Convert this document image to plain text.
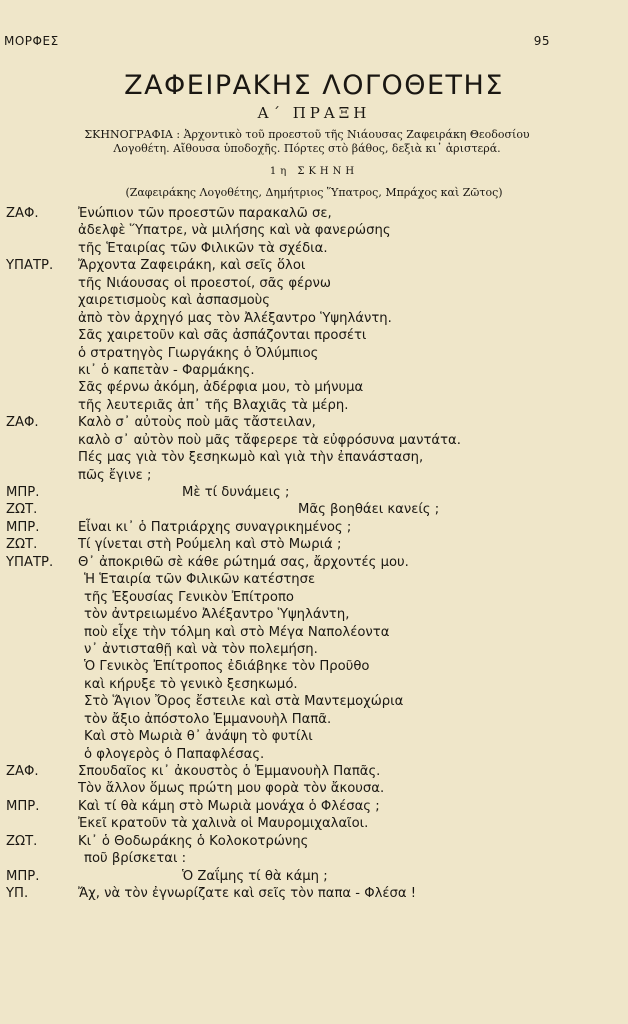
ΜΟΡΦΕΣ	95
ΖΑΦΕΙΡΑΚΗΣ ΛΟΓΟΘΕΤΗΣ
Α΄ ΠΡΑΞΗ
ΣΚΗΝΟΓΡΑΦΙΑ : Ἀρχοντικὸ τοῦ προεστοῦ τῆς Νιάουσας Ζαφειράκη Θεοδοσίου
Λογοθέτη. Αἴθουσα ὑποδοχῆς. Πόρτες στὸ βάθος, δεξιὰ κι᾽ ἀριστερά.
1η ΣΚΗΝΗ
(Ζαφειράκης Λογοθέτης, Δημήτριος Ὕπατρος, Μπράχος καὶ Ζῶτος)
ΖΑΦ.	Ἐνώπιον τῶν προεστῶν παρακαλῶ σε,
ἀδελφὲ Ὕπατρε, νὰ μιλήσης καὶ νὰ φανερώσης
τῆς Ἑταιρίας τῶν Φιλικῶν τὰ σχέδια.
ΥΠΑΤΡ. Ἄρχοντα Ζαφειράκη, καὶ σεῖς ὅλοι
τῆς Νιάουσας οἱ προεστοί, σᾶς φέρνω
χαιρετισμοὺς καὶ ἀσπασμοὺς
ἀπὸ τὸν ἀρχηγό μας τὸν Ἀλέξαντρο Ὑψηλάντη.
Σᾶς χαιρετοῦν καὶ σᾶς ἀσπάζονται προσέτι
ὁ στρατηγὸς Γιωργάκης ὁ Ὀλύμπιος
κι᾽ ὁ καπετὰν - Φαρμάκης.
Σᾶς φέρνω ἀκόμη, ἀδέρφια μου, τὸ μήνυμα
τῆς λευτεριᾶς ἀπ᾽ τῆς Βλαχιᾶς τὰ μέρη.
ΖΑΦ.	Καλὸ σ᾽ αὐτοὺς ποὺ μᾶς τἄστειλαν,
καλὸ σ᾽ αὐτὸν ποὺ μᾶς τἄφερερε τὰ εὐφρόσυνα μαντάτα.
Πές μας γιὰ τὸν ξεσηκωμὸ καὶ γιὰ τὴν ἐπανάσταση,
πῶς ἔγινε ;
ΜΠΡ.	Μὲ τί δυνάμεις ;
ΖΩΤ.	Μᾶς βοηθάει κανείς ;
ΜΠΡ.	Εἶναι κι᾽ ὁ Πατριάρχης συναγρικημένος ;
ΖΩΤ.	Τί γίνεται στὴ Ρούμελη καὶ στὸ Μωριά ;
ΥΠΑΤΡ. Θ᾽ ἀποκριθῶ σὲ κάθε ρώτημά σας, ἄρχοντές μου.
Ἡ Ἑταιρία τῶν Φιλικῶν κατέστησε
τῆς Ἐξουσίας Γενικὸν Ἐπίτροπο
τὸν ἀντρειωμένο Ἀλέξαντρο Ὑψηλάντη,
ποὺ εἶχε τὴν τόλμη καὶ στὸ Μέγα Ναπολέοντα
ν᾽ ἀντισταθῇ καὶ νὰ τὸν πολεμήση.
Ὁ Γενικὸς Ἐπίτροπος ἐδιάβηκε τὸν Προῦθο
καὶ κήρυξε τὸ γενικὸ ξεσηκωμό.
Στὸ Ἅγιον Ὄρος ἔστειλε καὶ στὰ Μαντεμοχώρια
τὸν ἄξιο ἀπόστολο Ἐμμανουὴλ Παπᾶ.
Καὶ στὸ Μωριὰ θ᾽ ἀνάψη τὸ φυτίλι
ὁ φλογερὸς ὁ Παπαφλέσας.
ΖΑΦ.	Σπουδαῖος κι᾽ ἀκουστὸς ὁ Ἐμμανουὴλ Παπᾶς.
Τὸν ἄλλον ὅμως πρώτη μου φορὰ τὸν ἄκουσα.
ΜΠΡ.	Καὶ τί θὰ κάμη στὸ Μωριὰ μονάχα ὁ Φλέσας ;
Ἐκεῖ κρατοῦν τὰ χαλινὰ οἱ Μαυρομιχαλαῖοι.
ΖΩΤ.	Κι᾽ ὁ Θοδωράκης ὁ Κολοκοτρώνης
ποῦ βρίσκεται :
ΜΠΡ.	Ὁ Ζαΐμης τί θὰ κάμη ;
ΥΠ.	Ἄχ, νὰ τὸν ἐγνωρίζατε καὶ σεῖς τὸν παπα - Φλέσα !
